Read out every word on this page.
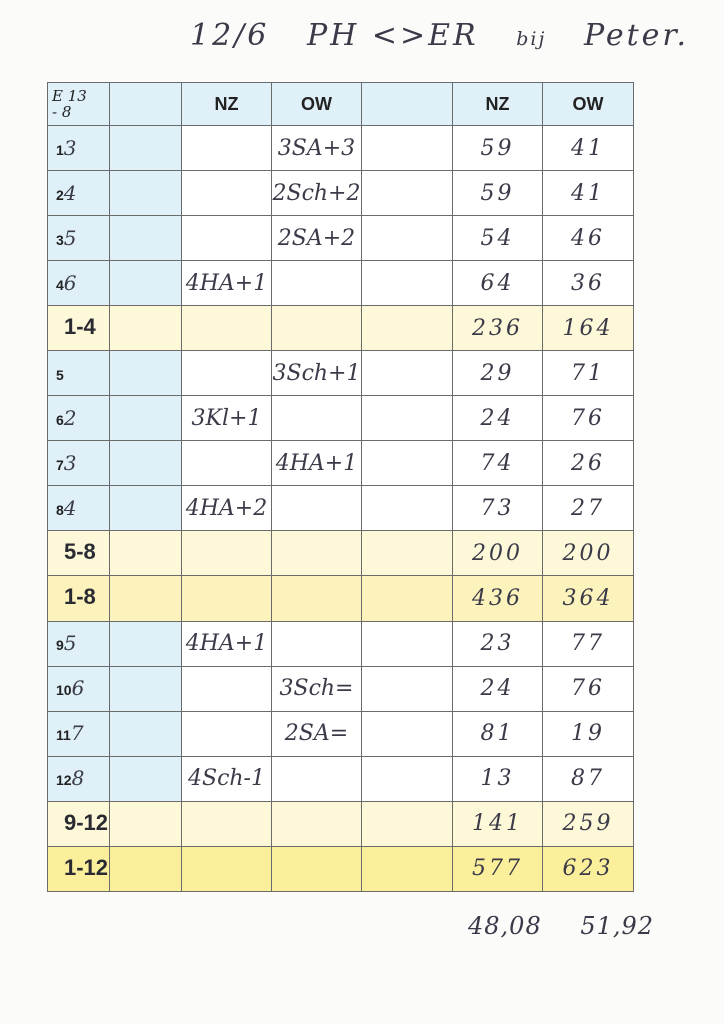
12/6 PH <>ER bij Peter.
E 13
- 8		NZ	OW		NZ	OW
13			3SA+3		59	41
24			2Sch+2		59	41
35			2SA+2		54	46
46		4HA+1			64	36
1-4					236	164
5			3Sch+1		29	71
62		3Kl+1			24	76
73			4HA+1		74	26
84		4HA+2			73	27
5-8					200	200
1-8					436	364
95		4HA+1			23	77
106			3Sch=		24	76
117			2SA=		81	19
128		4Sch-1			13	87
9-12					141	259
1-12					577	623
48,08 51,92
